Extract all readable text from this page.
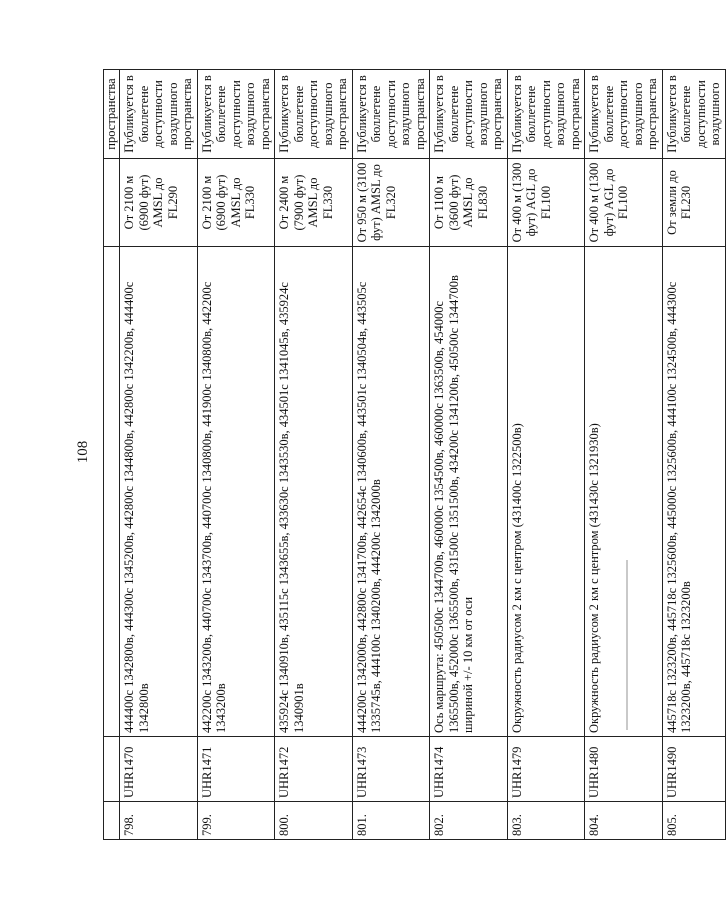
108
				пространства
798.	UHR1470	444400с 1342800в, 444300с 1345200в, 442800с 1344800в, 442800с 1342200в, 444400с 1342800в	От 2100 м (6900 фут) AMSL до FL290	Публикуется в бюллетене доступности воздушного пространства
799.	UHR1471	442200с 1343200в, 440700с 1343700в, 440700с 1340800в, 441900с 1340800в, 442200с 1343200в	От 2100 м (6900 фут) AMSL до FL330	Публикуется в бюллетене доступности воздушного пространства
800.	UHR1472	435924с 1340910в, 435115с 1343655в, 433630с 1343530в, 434501с 1341045в, 435924с 1340901в	От 2400 м (7900 фут) AMSL до FL330	Публикуется в бюллетене доступности воздушного пространства
801.	UHR1473	444200с 1342000в, 442800с 1341700в, 442654с 1340600в, 443501с 1340504в, 443505с 1335745в, 444100с 1340200в, 444200с 1342000в	От 950 м (3100 фут) AMSL до FL320	Публикуется в бюллетене доступности воздушного пространства
802.	UHR1474	Ось маршрута: 450500с 1344700в, 460000с 1354500в, 460000с 1363500в, 454000с 1365500в, 452000с 1365500в, 431500с 1351500в, 434200с 1341200в, 450500с 1344700в шириной +/- 10 км от оси	От 1100 м (3600 фут) AMSL до FL830	Публикуется в бюллетене доступности воздушного пространства
803.	UHR1479	Окружность радиусом 2 км с центром (431400с 1322500в)	От 400 м (1300 фут) AGL до FL100	Публикуется в бюллетене доступности воздушного пространства
804.	UHR1480	Окружность радиусом 2 км с центром (431430с 1321930в)	От 400 м (1300 фут) AGL до FL100	Публикуется в бюллетене доступности воздушного пространства
805.	UHR1490	445718с 1323200в, 445718с 1325600в, 445000с 1325600в, 444100с 1324500в, 444300с 1323200в, 445718с 1323200в	От земли до FL230	Публикуется в бюллетене доступности воздушного
